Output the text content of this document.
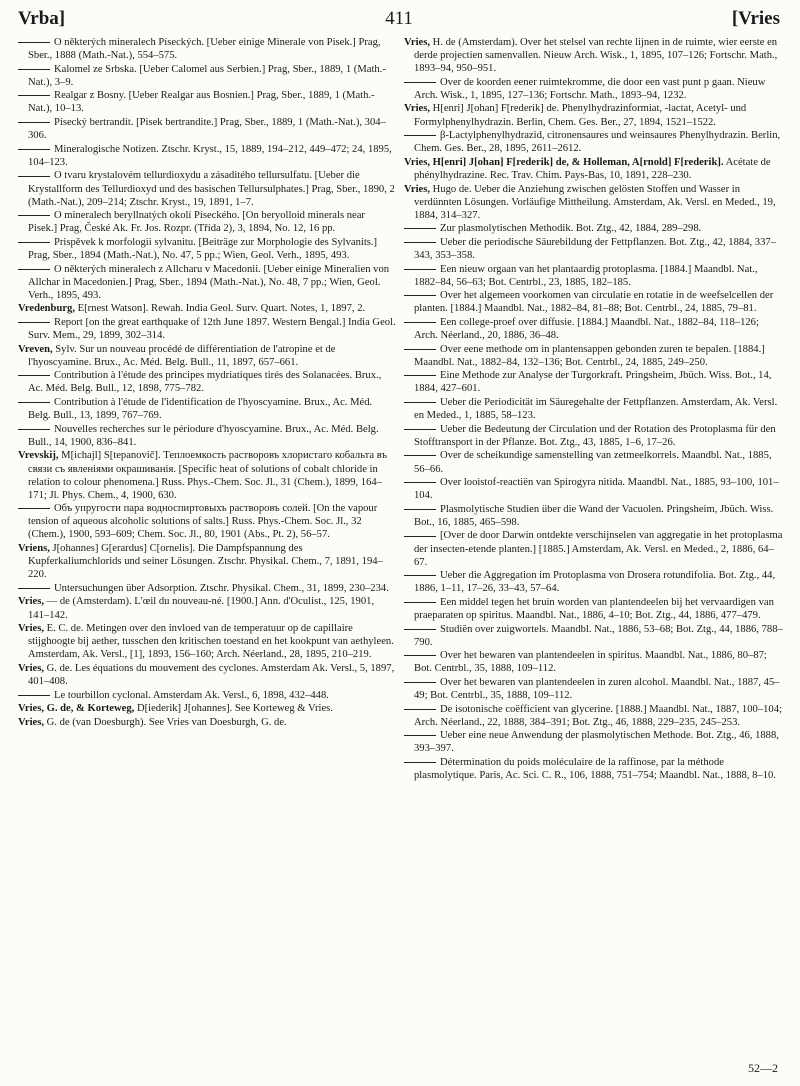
Vrba]	411	[Vries

O některých mineralech Píseckých. [Ueber einige Minerale von Pisek.] Prag, Sber., 1888 (Math.-Nat.), 554–575.

Kalomel ze Srbska. [Ueber Calomel aus Serbien.] Prag, Sber., 1889, 1 (Math.-Nat.), 3–9.

Realgar z Bosny. [Ueber Realgar aus Bosnien.] Prag, Sber., 1889, 1 (Math.-Nat.), 10–13.

Písecký bertrandit. [Pisek bertrandite.] Prag, Sber., 1889, 1 (Math.-Nat.), 304–306.

Mineralogische Notizen. Ztschr. Kryst., 15, 1889, 194–212, 449–472; 24, 1895, 104–123.

O tvaru krystalovém tellurdioxydu a zásaditého tellursulfatu. [Ueber die Krystallform des Tellurdioxyd und des basischen Tellursulphates.] Prag, Sber., 1890, 2 (Math.-Nat.), 209–214; Ztschr. Kryst., 19, 1891, 1–7.

O mineralech beryllnatých okolí Píseckého. [On beryolloid minerals near Pisek.] Prag, České Ak. Fr. Jos. Rozpr. (Třída 2), 3, 1894, No. 12, 16 pp.

Prispěvek k morfologii sylvanitu. [Beiträge zur Morphologie des Sylvanits.] Prag, Sber., 1894 (Math.-Nat.), No. 47, 5 pp.; Wien, Geol. Verh., 1895, 493.

O některých mineralech z Allcharu v Macedonii. [Ueber einige Mineralien von Allchar in Macedonien.] Prag, Sber., 1894 (Math.-Nat.), No. 48, 7 pp.; Wien, Geol. Verh., 1895, 493.

Vredenburg, E[rnest Watson]. Rewah. India Geol. Surv. Quart. Notes, 1, 1897, 2.

Report [on the great earthquake of 12th June 1897. Western Bengal.] India Geol. Surv. Mem., 29, 1899, 302–314.

Vreven, Sylv. Sur un nouveau procédé de différentiation de l'atropine et de l'hyoscyamine. Brux., Ac. Méd. Belg. Bull., 11, 1897, 657–661.

Contribution à l'étude des principes mydriatiques tirés des Solanacées. Brux., Ac. Méd. Belg. Bull., 12, 1898, 775–782.

Contribution à l'étude de l'identification de l'hyoscyamine. Brux., Ac. Méd. Belg. Bull., 13, 1899, 767–769.

Nouvelles recherches sur le périodure d'hyoscyamine. Brux., Ac. Méd. Belg. Bull., 14, 1900, 836–841.

Vrevskij, M[ichajl] S[tepanovič]. Теплоемкость растворовъ хлористаго кобальта въ связи съ явленіями окрашиванія. [Specific heat of solutions of cobalt chloride in relation to colour phenomena.] Russ. Phys.-Chem. Soc. Jl., 31 (Chem.), 1899, 164–171; Jl. Phys. Chem., 4, 1900, 630.

Объ упругости пара водноспиртовыхъ растворовъ солей. [On the vapour tension of aqueous alcoholic solutions of salts.] Russ. Phys.-Chem. Soc. Jl., 32 (Chem.), 1900, 593–609; Chem. Soc. Jl., 80, 1901 (Abs., Pt. 2), 56–57.

Vriens, J[ohannes] G[erardus] C[ornelis]. Die Dampfspannung des Kupferkaliumchlorids und seiner Lösungen. Ztschr. Physikal. Chem., 7, 1891, 194–220.

Untersuchungen über Adsorption. Ztschr. Physikal. Chem., 31, 1899, 230–234.

Vries, — de (Amsterdam). L'œil du nouveau-né. [1900.] Ann. d'Oculist., 125, 1901, 141–142.

Vries, E. C. de. Metingen over den invloed van de temperatuur op de capillaire stijghoogte bij aether, tusschen den kritischen toestand en het kookpunt van aethyleen. Amsterdam, Ak. Versl., [1], 1893, 156–160; Arch. Néerland., 28, 1895, 210–219.

Vries, G. de. Les équations du mouvement des cyclones. Amsterdam Ak. Versl., 5, 1897, 401–408.

Le tourbillon cyclonal. Amsterdam Ak. Versl., 6, 1898, 432–448.

Vries, G. de, & Korteweg, D[iederik] J[ohannes]. See Korteweg & Vries.

Vries, G. de (van Doesburgh). See Vries van Doesburgh, G. de.

Vries, H. de (Amsterdam). Over het stelsel van rechte lijnen in de ruimte, wier eerste en derde projectien samenvallen. Nieuw Arch. Wisk., 1, 1895, 107–126; Fortschr. Math., 1893–94, 950–951.

Over de koorden eener ruimtekromme, die door een vast punt p gaan. Nieuw Arch. Wisk., 1, 1895, 127–136; Fortschr. Math., 1893–94, 1232.

Vries, H[enri] J[ohan] F[rederik] de. Phenylhydrazinformiat, -lactat, Acetyl- und Formylphenylhydrazin. Berlin, Chem. Ges. Ber., 27, 1894, 1521–1522.

β-Lactylphenylhydrazid, citronensaures und weinsaures Phenylhydrazin. Berlin, Chem. Ges. Ber., 28, 1895, 2611–2612.

Vries, H[enri] J[ohan] F[rederik] de, & Holleman, A[rnold] F[rederik]. Acétate de phénylhydrazine. Rec. Trav. Chim. Pays-Bas, 10, 1891, 228–230.

Vries, Hugo de. Ueber die Anziehung zwischen gelösten Stoffen und Wasser in verdünnten Lösungen. Vorläufige Mittheilung. Amsterdam, Ak. Versl. en Meded., 19, 1884, 314–327.

Zur plasmolytischen Methodik. Bot. Ztg., 42, 1884, 289–298.

Ueber die periodische Säurebildung der Fettpflanzen. Bot. Ztg., 42, 1884, 337–343, 353–358.

Een nieuw orgaan van het plantaardig protoplasma. [1884.] Maandbl. Nat., 1882–84, 56–63; Bot. Centrbl., 23, 1885, 182–185.

Over het algemeen voorkomen van circulatie en rotatie in de weefselcellen der planten. [1884.] Maandbl. Nat., 1882–84, 81–88; Bot. Centrbl., 24, 1885, 79–81.

Een college-proef over diffusie. [1884.] Maandbl. Nat., 1882–84, 118–126; Arch. Néerland., 20, 1886, 36–48.

Over eene methode om in plantensappen gebonden zuren te bepalen. [1884.] Maandbl. Nat., 1882–84, 132–136; Bot. Centrbl., 24, 1885, 249–250.

Eine Methode zur Analyse der Turgorkraft. Pringsheim, Jbüch. Wiss. Bot., 14, 1884, 427–601.

Ueber die Periodicität im Säuregehalte der Fettpflanzen. Amsterdam, Ak. Versl. en Meded., 1, 1885, 58–123.

Ueber die Bedeutung der Circulation und der Rotation des Protoplasma für den Stofftransport in der Pflanze. Bot. Ztg., 43, 1885, 1–6, 17–26.

Over de scheikundige samenstelling van zetmeelkorrels. Maandbl. Nat., 1885, 56–66.

Over looistof-reactiën van Spirogyra nitida. Maandbl. Nat., 1885, 93–100, 101–104.

Plasmolytische Studien über die Wand der Vacuolen. Pringsheim, Jbüch. Wiss. Bot., 16, 1885, 465–598.

[Over de door Darwin ontdekte verschijnselen van aggregatie in het protoplasma der insecten-etende planten.] [1885.] Amsterdam, Ak. Versl. en Meded., 2, 1886, 64–67.

Ueber die Aggregation im Protoplasma von Drosera rotundifolia. Bot. Ztg., 44, 1886, 1–11, 17–26, 33–43, 57–64.

Een middel tegen het bruin worden van plantendeelen bij het vervaardigen van praeparaten op spiritus. Maandbl. Nat., 1886, 4–10; Bot. Ztg., 44, 1886, 477–479.

Studiën over zuigwortels. Maandbl. Nat., 1886, 53–68; Bot. Ztg., 44, 1886, 788–790.

Over het bewaren van plantendeelen in spiritus. Maandbl. Nat., 1886, 80–87; Bot. Centrbl., 35, 1888, 109–112.

Over het bewaren van plantendeelen in zuren alcohol. Maandbl. Nat., 1887, 45–49; Bot. Centrbl., 35, 1888, 109–112.

De isotonische coëfficient van glycerine. [1888.] Maandbl. Nat., 1887, 100–104; Arch. Néerland., 22, 1888, 384–391; Bot. Ztg., 46, 1888, 229–235, 245–253.

Ueber eine neue Anwendung der plasmolytischen Methode. Bot. Ztg., 46, 1888, 393–397.

Détermination du poids moléculaire de la raffinose, par la méthode plasmolytique. Paris, Ac. Sci. C. R., 106, 1888, 751–754; Maandbl. Nat., 1888, 8–10.

52—2
